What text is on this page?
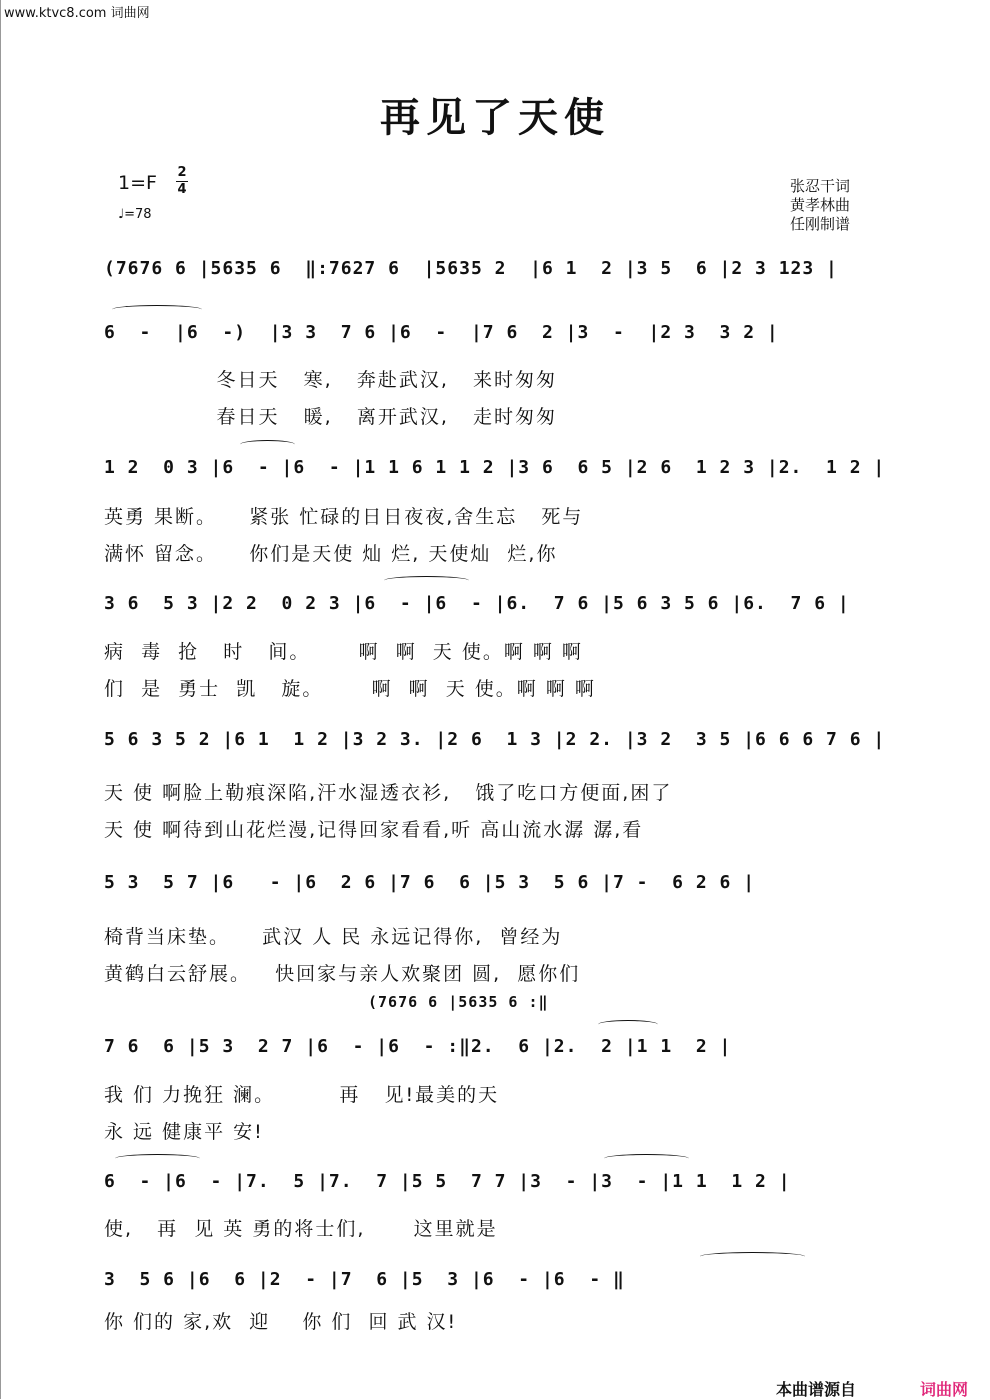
www.ktvc8.com 词曲网
再见了天使
1=F 2
4
♩=78
张忍干词
黄孝林曲
任刚制谱
(7676 6 |5635 6  ‖:7627 6  |5635 2  |6 1  2 |3 5  6 |2 3 123 |
6  -  |6  -)  |3 3  7 6 |6  -  |7 6  2 |3  -  |2 3  3 2 |
冬日天   寒,   奔赴武汉,   来时匆匆
春日天   暖,   离开武汉,   走时匆匆
1 2  0 3 |6  - |6  - |1 1 6 1 1 2 |3 6  6 5 |2 6  1 2 3 |2.  1 2 |
英勇 果断。    紧张 忙碌的日日夜夜,舍生忘   死与
满怀 留念。    你们是天使 灿 烂, 天使灿  烂,你
3 6  5 3 |2 2  0 2 3 |6  - |6  - |6.  7 6 |5 6 3 5 6 |6.  7 6 |
病  毒  抢   时   间。      啊  啊  天 使。啊 啊 啊
们  是  勇士  凯   旋。      啊  啊  天 使。啊 啊 啊
5 6 3 5 2 |6 1  1 2 |3 2 3. |2 6  1 3 |2 2. |3 2  3 5 |6 6 6 7 6 |
天 使 啊脸上勒痕深陷,汗水湿透衣衫,   饿了吃口方便面,困了
天 使 啊待到山花烂漫,记得回家看看,听 高山流水潺 潺,看
5 3  5 7 |6   - |6  2 6 |7 6  6 |5 3  5 6 |7 -  6 2 6 |
椅背当床垫。    武汉 人 民 永远记得你,  曾经为
黄鹤白云舒展。   快回家与亲人欢聚团 圆,  愿你们
(7676 6 |5635 6 :‖
7 6  6 |5 3  2 7 |6  - |6  - :‖2.  6 |2.  2 |1 1  2 |
我 们 力挽狂 澜。        再   见!最美的天
永 远 健康平 安!
6  - |6  - |7.  5 |7.  7 |5 5  7 7 |3  - |3  - |1 1  1 2 |
使,   再  见 英 勇的将士们,      这里就是
3  5 6 |6  6 |2  - |7  6 |5  3 |6  - |6  - ‖
你 们的 家,欢  迎    你 们  回 武 汉!
本曲谱源自	词曲网
